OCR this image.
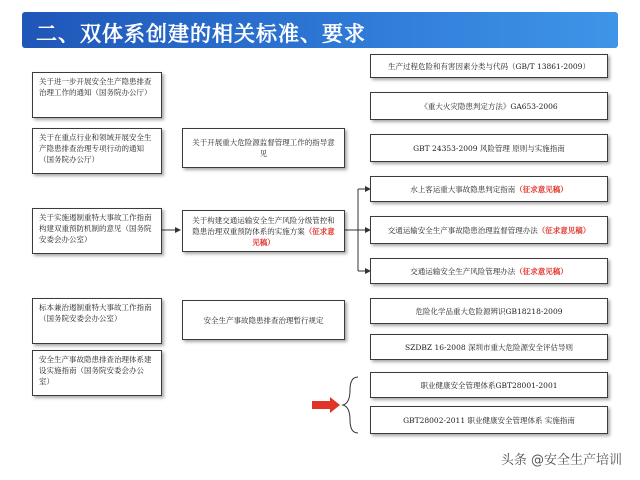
二、双体系创建的相关标准、要求
关于进一步开展安全生产隐患排查治理工作的通知（国务院办公厅）
关于在重点行业和领域开展安全生产隐患排查治理专项行动的通知（国务院办公厅）
关于实施遏制重特大事故工作指南构建双重预防机制的意见（国务院安委会办公室）
标本兼治遏制重特大事故工作指南（国务院安委会办公室）
安全生产事故隐患排查治理体系建设实施指南（国务院安委会办公室）
关于开展重大危险源监督管理工作的指导意见
关于构建交通运输安全生产风险分级管控和隐患治理双重预防体系的实施方案（征求意见稿）
安全生产事故隐患排查治理暂行规定
生产过程危险和有害因素分类与代码（GB/T 13861-2009）
《重大火灾隐患判定方法》GA653-2006
GBT 24353-2009 风险管理 原则与实施指南
水上客运重大事故隐患判定指南（征求意见稿）
交通运输安全生产事故隐患治理监督管理办法（征求意见稿）
交通运输安全生产风险管理办法（征求意见稿）
危险化学品重大危险源辨识GB18218-2009
SZDBZ 16-2008 深圳市重大危险源安全评估导则
职业健康安全管理体系GBT28001-2001
GBT28002-2011 职业健康安全管理体系 实施指南
头条 @安全生产培训
